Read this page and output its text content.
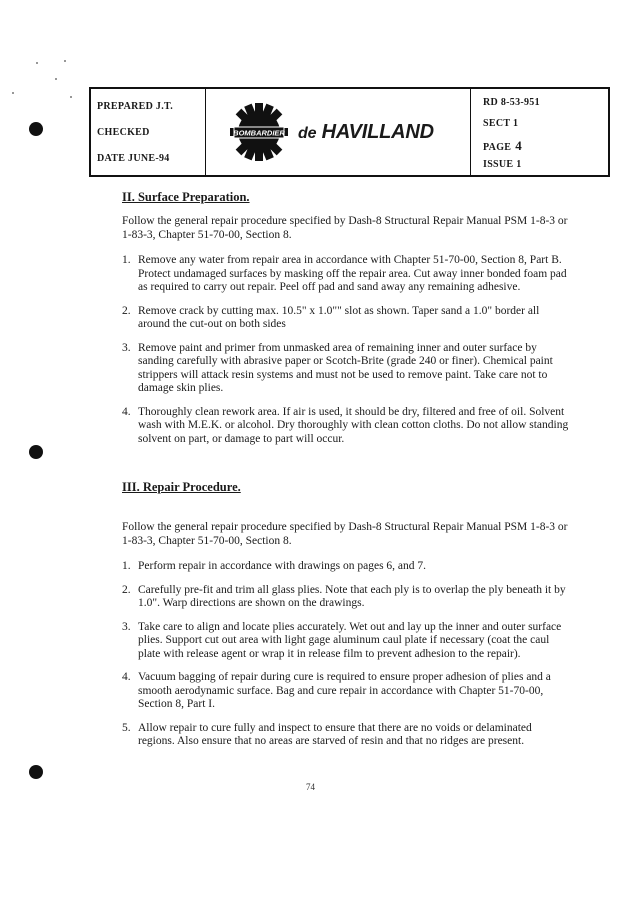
PREPARED J.T.
CHECKED
DATE JUNE-94
BOMBARDIER de HAVILLAND
RD 8-53-951
SECT 1
PAGE 4
ISSUE 1
II. Surface Preparation.

Follow the general repair procedure specified by Dash-8 Structural Repair Manual PSM 1-8-3 or 1-83-3, Chapter 51-70-00, Section 8.

1. Remove any water from repair area in accordance with Chapter 51-70-00, Section 8, Part B. Protect undamaged surfaces by masking off the repair area. Cut away inner bonded foam pad as required to carry out repair. Peel off pad and sand away any remaining adhesive.
2. Remove crack by cutting max. 10.5" x 1.0"" slot as shown. Taper sand a 1.0" border all around the cut-out on both sides
3. Remove paint and primer from unmasked area of remaining inner and outer surface by sanding carefully with abrasive paper or Scotch-Brite (grade 240 or finer). Chemical paint strippers will attack resin systems and must not be used to remove paint. Take care not to damage skin plies.
4. Thoroughly clean rework area. If air is used, it should be dry, filtered and free of oil. Solvent wash with M.E.K. or alcohol. Dry thoroughly with clean cotton cloths. Do not allow standing solvent on part, or damage to part will occur.
III. Repair Procedure.

Follow the general repair procedure specified by Dash-8 Structural Repair Manual PSM 1-8-3 or 1-83-3, Chapter 51-70-00, Section 8.

1. Perform repair in accordance with drawings on pages 6, and 7.
2. Carefully pre-fit and trim all glass plies. Note that each ply is to overlap the ply beneath it by 1.0". Warp directions are shown on the drawings.
3. Take care to align and locate plies accurately. Wet out and lay up the inner and outer surface plies. Support cut out area with light gage aluminum caul plate if necessary (coat the caul plate with release agent or wrap it in release film to prevent adhesion to the repair).
4. Vacuum bagging of repair during cure is required to ensure proper adhesion of plies and a smooth aerodynamic surface. Bag and cure repair in accordance with Chapter 51-70-00, Section 8, Part I.
5. Allow repair to cure fully and inspect to ensure that there are no voids or delaminated regions. Also ensure that no areas are starved of resin and that no ridges are present.
74
